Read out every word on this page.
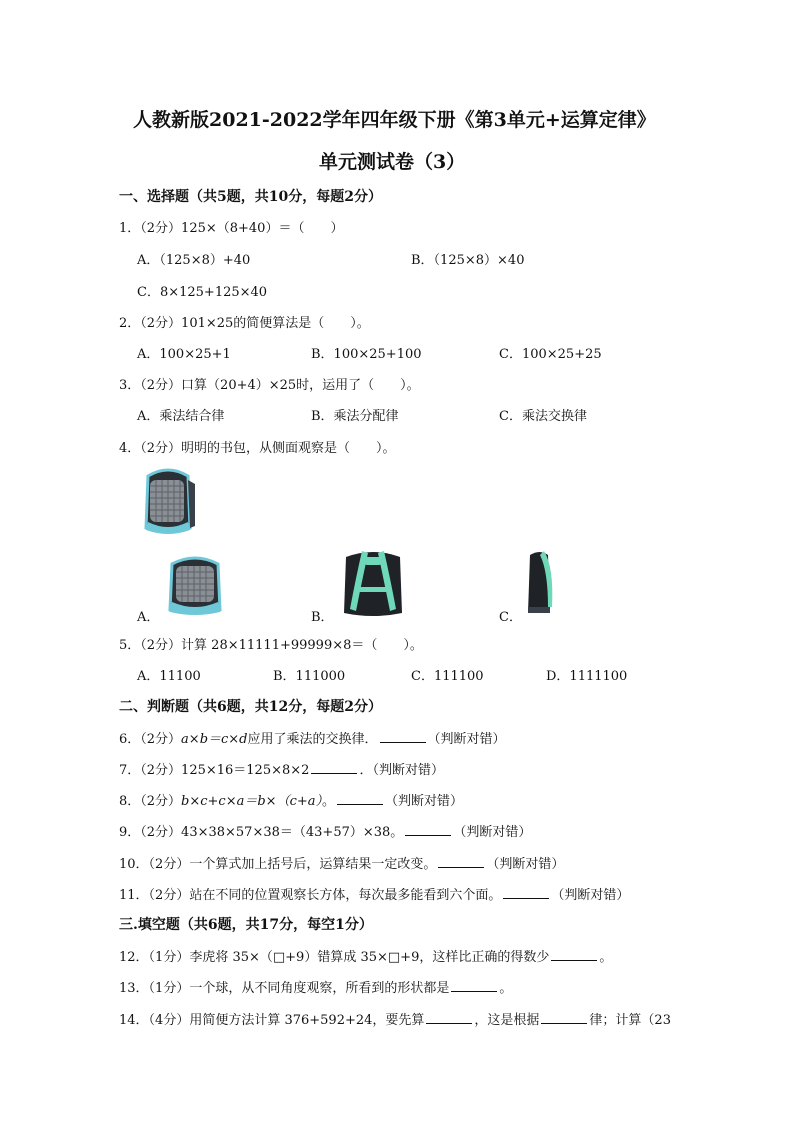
人教新版2021-2022学年四年级下册《第3单元+运算定律》
单元测试卷（3）
一、选择题（共5题，共10分，每题2分）
1．（2分）125×（8+40）＝（　　）
A．（125×8）+40	B．（125×8）×40
C．8×125+125×40
2．（2分）101×25的简便算法是（　　）。
A．100×25+1	B．100×25+100	C．100×25+25
3．（2分）口算（20+4）×25时，运用了（　　）。
A．乘法结合律	B．乘法分配律	C．乘法交换律
4．（2分）明明的书包，从侧面观察是（　　）。
A．	B．	C．
5．（2分）计算 28×11111+99999×8＝（　　）。
A．11100	B．111000	C．111100	D．1111100
二、判断题（共6题，共12分，每题2分）
6．（2分）a×b＝c×d应用了乘法的交换律．	（判断对错）
7．（2分）125×16＝125×8×2	．（判断对错）
8．（2分）b×c+c×a＝b×（c+a）。	（判断对错）
9．（2分）43×38×57×38＝（43+57）×38。	（判断对错）
10．（2分）一个算式加上括号后，运算结果一定改变。	（判断对错）
11．（2分）站在不同的位置观察长方体，每次最多能看到六个面。	（判断对错）
三.填空题（共6题，共17分，每空1分）
12．（1分）李虎将 35×（□+9）错算成 35×□+9，这样比正确的得数少	。
13．（1分）一个球，从不同角度观察，所看到的形状都是	。
14．（4分）用简便方法计算 376+592+24，要先算	，这是根据	律；计算（23
